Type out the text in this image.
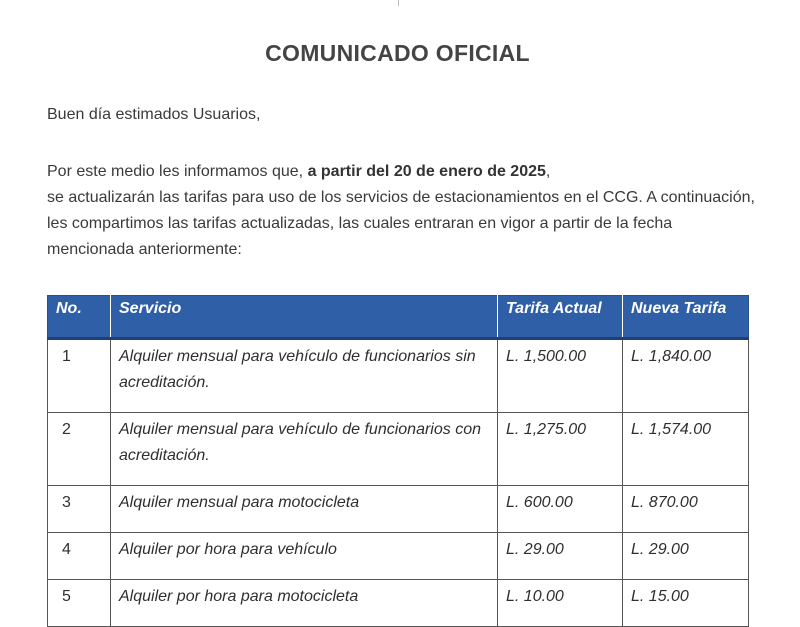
COMUNICADO OFICIAL
Buen día estimados Usuarios,
Por este medio les informamos que, a partir del 20 de enero de 2025,
se actualizarán las tarifas para uso de los servicios de estacionamientos en el CCG. A continuación, les compartimos las tarifas actualizadas, las cuales entraran en vigor a partir de la fecha mencionada anteriormente:
No.	Servicio	Tarifa Actual	Nueva Tarifa
1	Alquiler mensual para vehículo de funcionarios sin acreditación.	L. 1,500.00	L. 1,840.00
2	Alquiler mensual para vehículo de funcionarios con acreditación.	L. 1,275.00	L. 1,574.00
3	Alquiler mensual para motocicleta	L. 600.00	L. 870.00
4	Alquiler por hora para vehículo	L. 29.00	L. 29.00
5	Alquiler por hora para motocicleta	L. 10.00	L. 15.00
